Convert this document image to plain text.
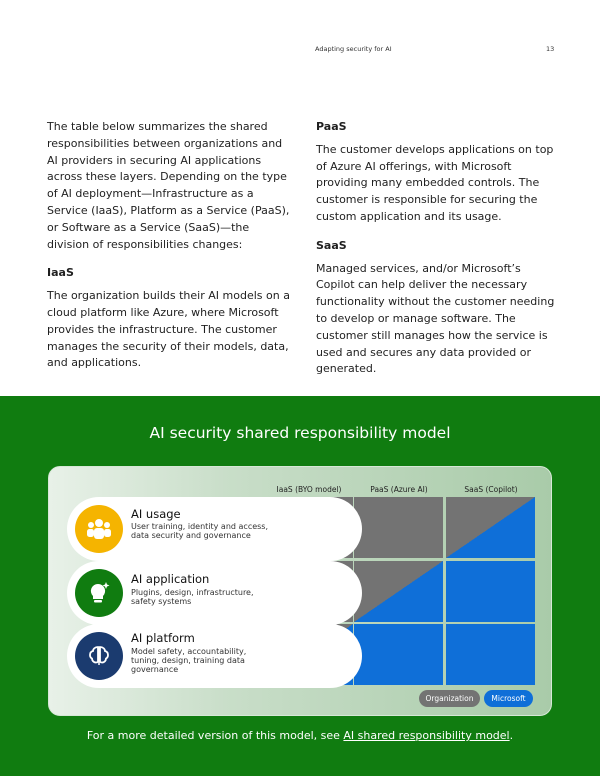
Adapting security for AI	13

The table below summarizes the shared responsibilities between organizations and AI providers in securing AI applications across these layers. Depending on the type of AI deployment—Infrastructure as a Service (IaaS), Platform as a Service (PaaS), or Software as a Service (SaaS)—the division of responsibilities changes:

IaaS

The organization builds their AI models on a cloud platform like Azure, where Microsoft provides the infrastructure. The customer manages the security of their models, data, and applications.

PaaS

The customer develops applications on top of Azure AI offerings, with Microsoft providing many embedded controls. The customer is responsible for securing the custom application and its usage.

SaaS

Managed services, and/or Microsoft’s Copilot can help deliver the necessary functionality without the customer needing to develop or manage software. The customer still manages how the service is used and secures any data provided or generated.

AI security shared responsibility model
IaaS (BYO model)	PaaS (Azure AI)	SaaS (Copilot)
AI usage
User training, identity and access, data security and governance
AI application
Plugins, design, infrastructure, safety systems
AI platform
Model safety, accountability, tuning, design, training data governance
Organization	Microsoft
For a more detailed version of this model, see AI shared responsibility model.
